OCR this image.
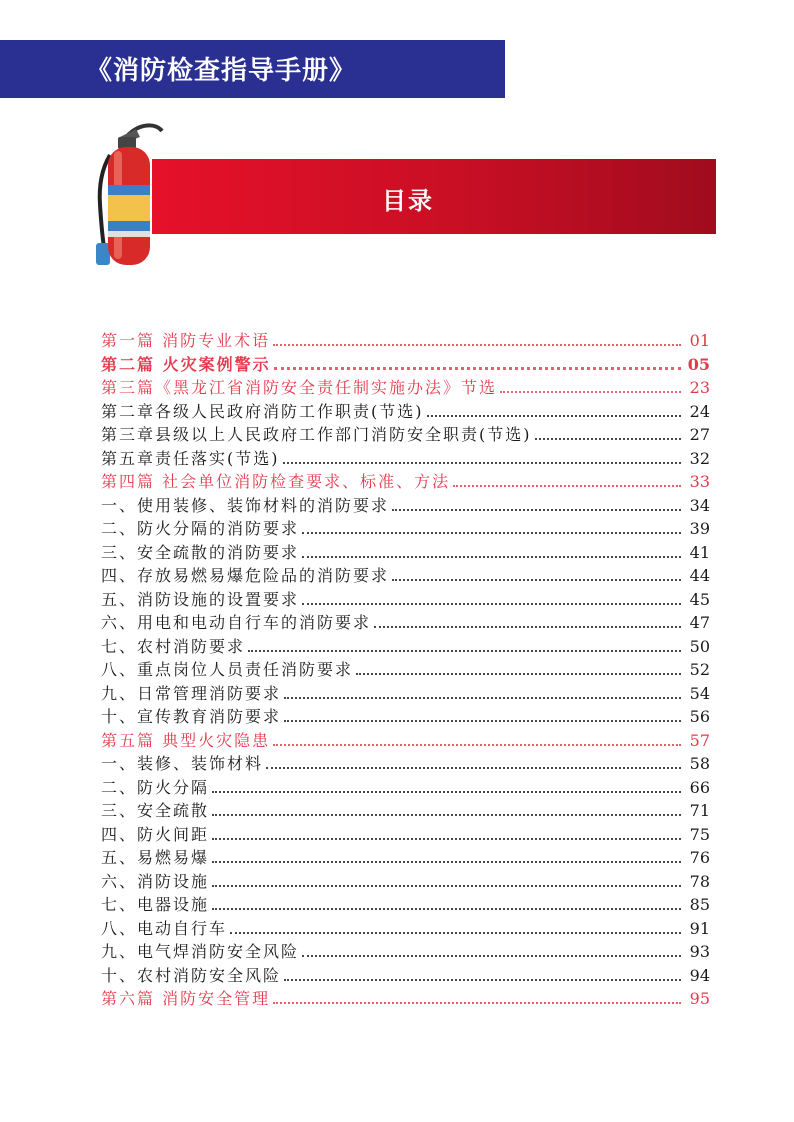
《消防检查指导手册》
目录
第一篇 消防专业术语	01
第二篇 火灾案例警示	05
第三篇《黑龙江省消防安全责任制实施办法》节选	23
第二章各级人民政府消防工作职责(节选)	24
第三章县级以上人民政府工作部门消防安全职责(节选)	27
第五章责任落实(节选)	32
第四篇 社会单位消防检查要求、标准、方法	33
一、使用装修、装饰材料的消防要求	34
二、防火分隔的消防要求	39
三、安全疏散的消防要求	41
四、存放易燃易爆危险品的消防要求	44
五、消防设施的设置要求	45
六、用电和电动自行车的消防要求	47
七、农村消防要求	50
八、重点岗位人员责任消防要求	52
九、日常管理消防要求	54
十、宣传教育消防要求	56
第五篇 典型火灾隐患	57
一、装修、装饰材料	58
二、防火分隔	66
三、安全疏散	71
四、防火间距	75
五、易燃易爆	76
六、消防设施	78
七、电器设施	85
八、电动自行车	91
九、电气焊消防安全风险	93
十、农村消防安全风险	94
第六篇 消防安全管理	95
